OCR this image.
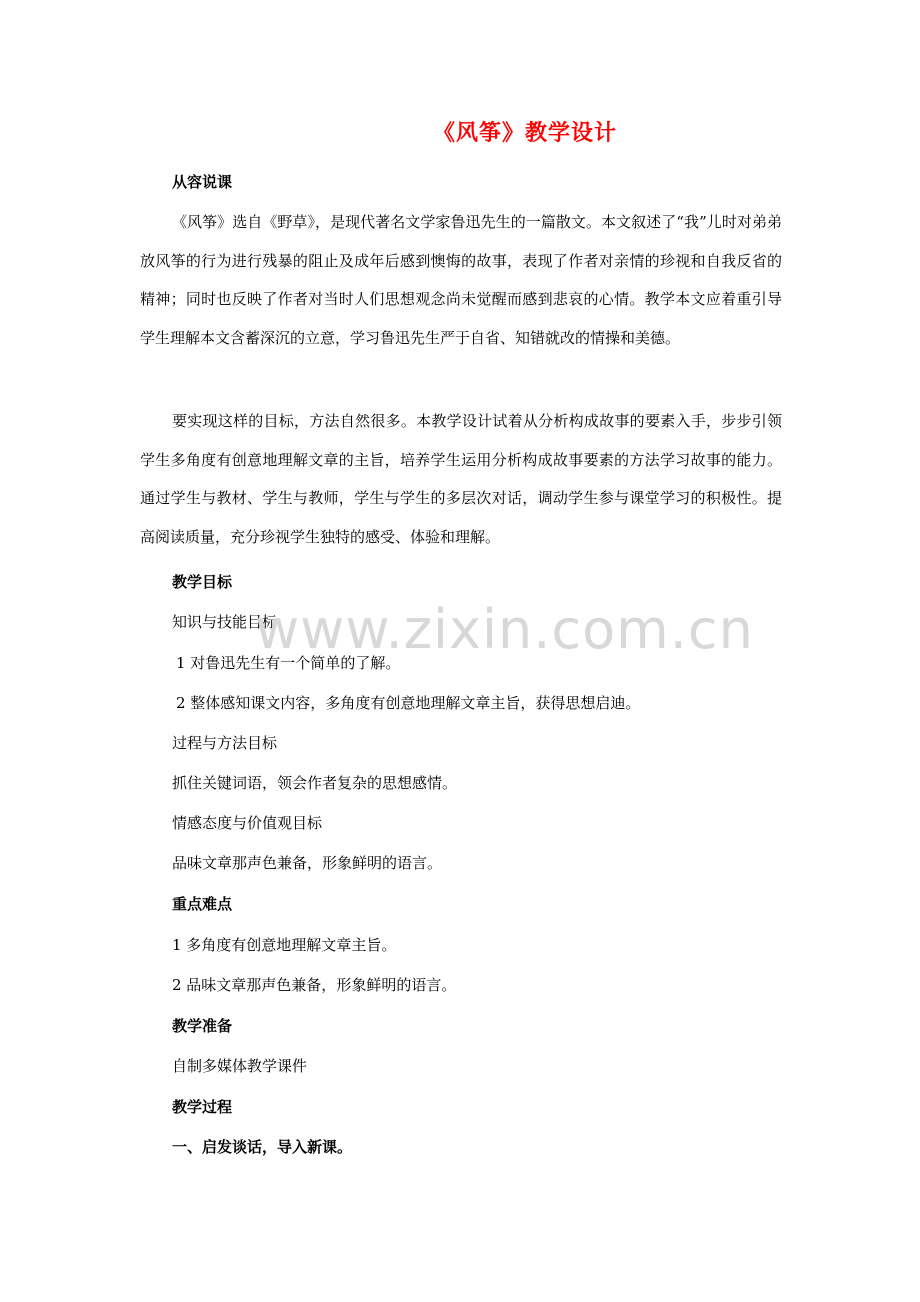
《风筝》教学设计
从容说课

《风筝》选自《野草》，是现代著名文学家鲁迅先生的一篇散文。本文叙述了“我”儿时对弟弟放风筝的行为进行残暴的阻止及成年后感到懊悔的故事，表现了作者对亲情的珍视和自我反省的精神；同时也反映了作者对当时人们思想观念尚未觉醒而感到悲哀的心情。教学本文应着重引导学生理解本文含蓄深沉的立意，学习鲁迅先生严于自省、知错就改的情操和美德。

要实现这样的目标，方法自然很多。本教学设计试着从分析构成故事的要素入手，步步引领学生多角度有创意地理解文章的主旨，培养学生运用分析构成故事要素的方法学习故事的能力。通过学生与教材、学生与教师，学生与学生的多层次对话，调动学生参与课堂学习的积极性。提高阅读质量，充分珍视学生独特的感受、体验和理解。

教学目标
知识与技能目标
1 对鲁迅先生有一个简单的了解。
2 整体感知课文内容，多角度有创意地理解文章主旨，获得思想启迪。
过程与方法目标
抓住关键词语，领会作者复杂的思想感情。
情感态度与价值观目标
品味文章那声色兼备，形象鲜明的语言。
重点难点
1 多角度有创意地理解文章主旨。
2 品味文章那声色兼备，形象鲜明的语言。
教学准备
自制多媒体教学课件
教学过程
一、启发谈话，导入新课。
www.zixin.com.cn
